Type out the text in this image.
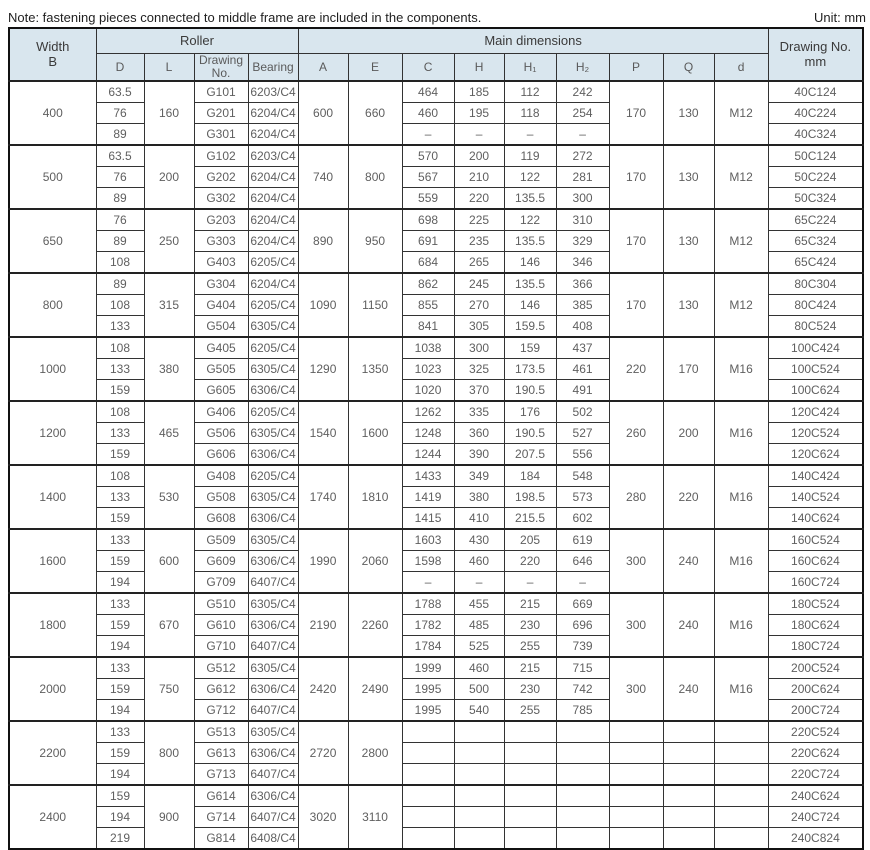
Note: fastening pieces connected to middle frame are included in the components.	Unit: mm
Width
B	Roller				Main dimensions									Drawing No.
mm
	D	L	Drawing No.	Bearing	A	E	C	H	H₁	H₂	P	Q	d	
400	63.5	160	G101	6203/C4	600	660	464	185	112	242	170	130	M12	40C124
	76		G201	6204/C4			460	195	118	254				40C224
	89		G301	6204/C4			–	–	–	–				40C324
500	63.5	200	G102	6203/C4	740	800	570	200	119	272	170	130	M12	50C124
	76		G202	6204/C4			567	210	122	281				50C224
	89		G302	6204/C4			559	220	135.5	300				50C324
650	76	250	G203	6204/C4	890	950	698	225	122	310	170	130	M12	65C224
	89		G303	6204/C4			691	235	135.5	329				65C324
	108		G403	6205/C4			684	265	146	346				65C424
800	89	315	G304	6204/C4	1090	1150	862	245	135.5	366	170	130	M12	80C304
	108		G404	6205/C4			855	270	146	385				80C424
	133		G504	6305/C4			841	305	159.5	408				80C524
1000	108	380	G405	6205/C4	1290	1350	1038	300	159	437	220	170	M16	100C424
	133		G505	6305/C4			1023	325	173.5	461				100C524
	159		G605	6306/C4			1020	370	190.5	491				100C624
1200	108	465	G406	6205/C4	1540	1600	1262	335	176	502	260	200	M16	120C424
	133		G506	6305/C4			1248	360	190.5	527				120C524
	159		G606	6306/C4			1244	390	207.5	556				120C624
1400	108	530	G408	6205/C4	1740	1810	1433	349	184	548	280	220	M16	140C424
	133		G508	6305/C4			1419	380	198.5	573				140C524
	159		G608	6306/C4			1415	410	215.5	602				140C624
1600	133	600	G509	6305/C4	1990	2060	1603	430	205	619	300	240	M16	160C524
	159		G609	6306/C4			1598	460	220	646				160C624
	194		G709	6407/C4			–	–	–	–				160C724
1800	133	670	G510	6305/C4	2190	2260	1788	455	215	669	300	240	M16	180C524
	159		G610	6306/C4			1782	485	230	696				180C624
	194		G710	6407/C4			1784	525	255	739				180C724
2000	133	750	G512	6305/C4	2420	2490	1999	460	215	715	300	240	M16	200C524
	159		G612	6306/C4			1995	500	230	742				200C624
	194		G712	6407/C4			1995	540	255	785				200C724
2200	133	800	G513	6305/C4	2720	2800								220C524
	159		G613	6306/C4										220C624
	194		G713	6407/C4										220C724
2400	159	900	G614	6306/C4	3020	3110								240C624
	194		G714	6407/C4										240C724
	219		G814	6408/C4										240C824
